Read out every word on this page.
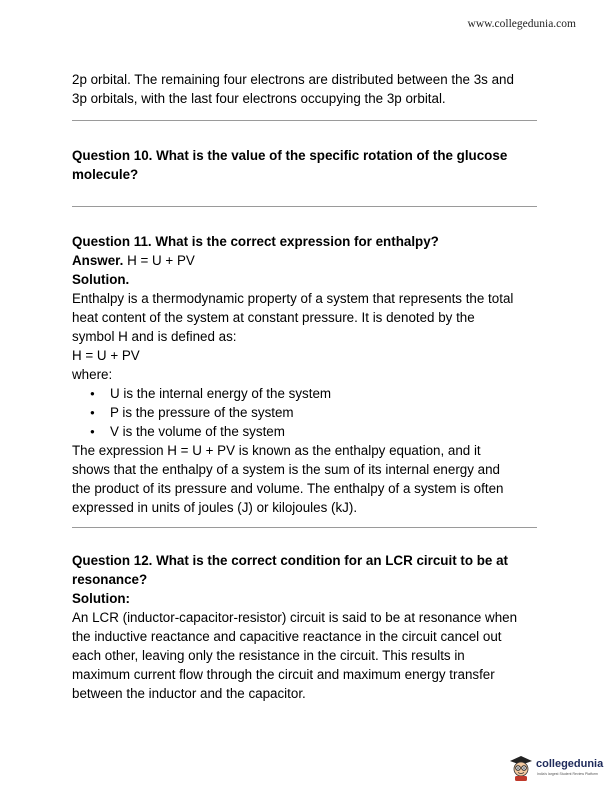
www.collegedunia.com

2p orbital. The remaining four electrons are distributed between the 3s and

3p orbitals, with the last four electrons occupying the 3p orbital.

Question 10. What is the value of the specific rotation of the glucose

molecule?

Question 11. What is the correct expression for enthalpy?

Answer. H = U + PV

Solution.

Enthalpy is a thermodynamic property of a system that represents the total

heat content of the system at constant pressure. It is denoted by the

symbol H and is defined as:

H = U + PV

where:

● U is the internal energy of the system
● P is the pressure of the system
● V is the volume of the system

The expression H = U + PV is known as the enthalpy equation, and it

shows that the enthalpy of a system is the sum of its internal energy and

the product of its pressure and volume. The enthalpy of a system is often

expressed in units of joules (J) or kilojoules (kJ).

Question 12. What is the correct condition for an LCR circuit to be at

resonance?

Solution:

An LCR (inductor-capacitor-resistor) circuit is said to be at resonance when

the inductive reactance and capacitive reactance in the circuit cancel out

each other, leaving only the resistance in the circuit. This results in

maximum current flow through the circuit and maximum energy transfer

between the inductor and the capacitor.

collegedunia
India's largest Student Review Platform
